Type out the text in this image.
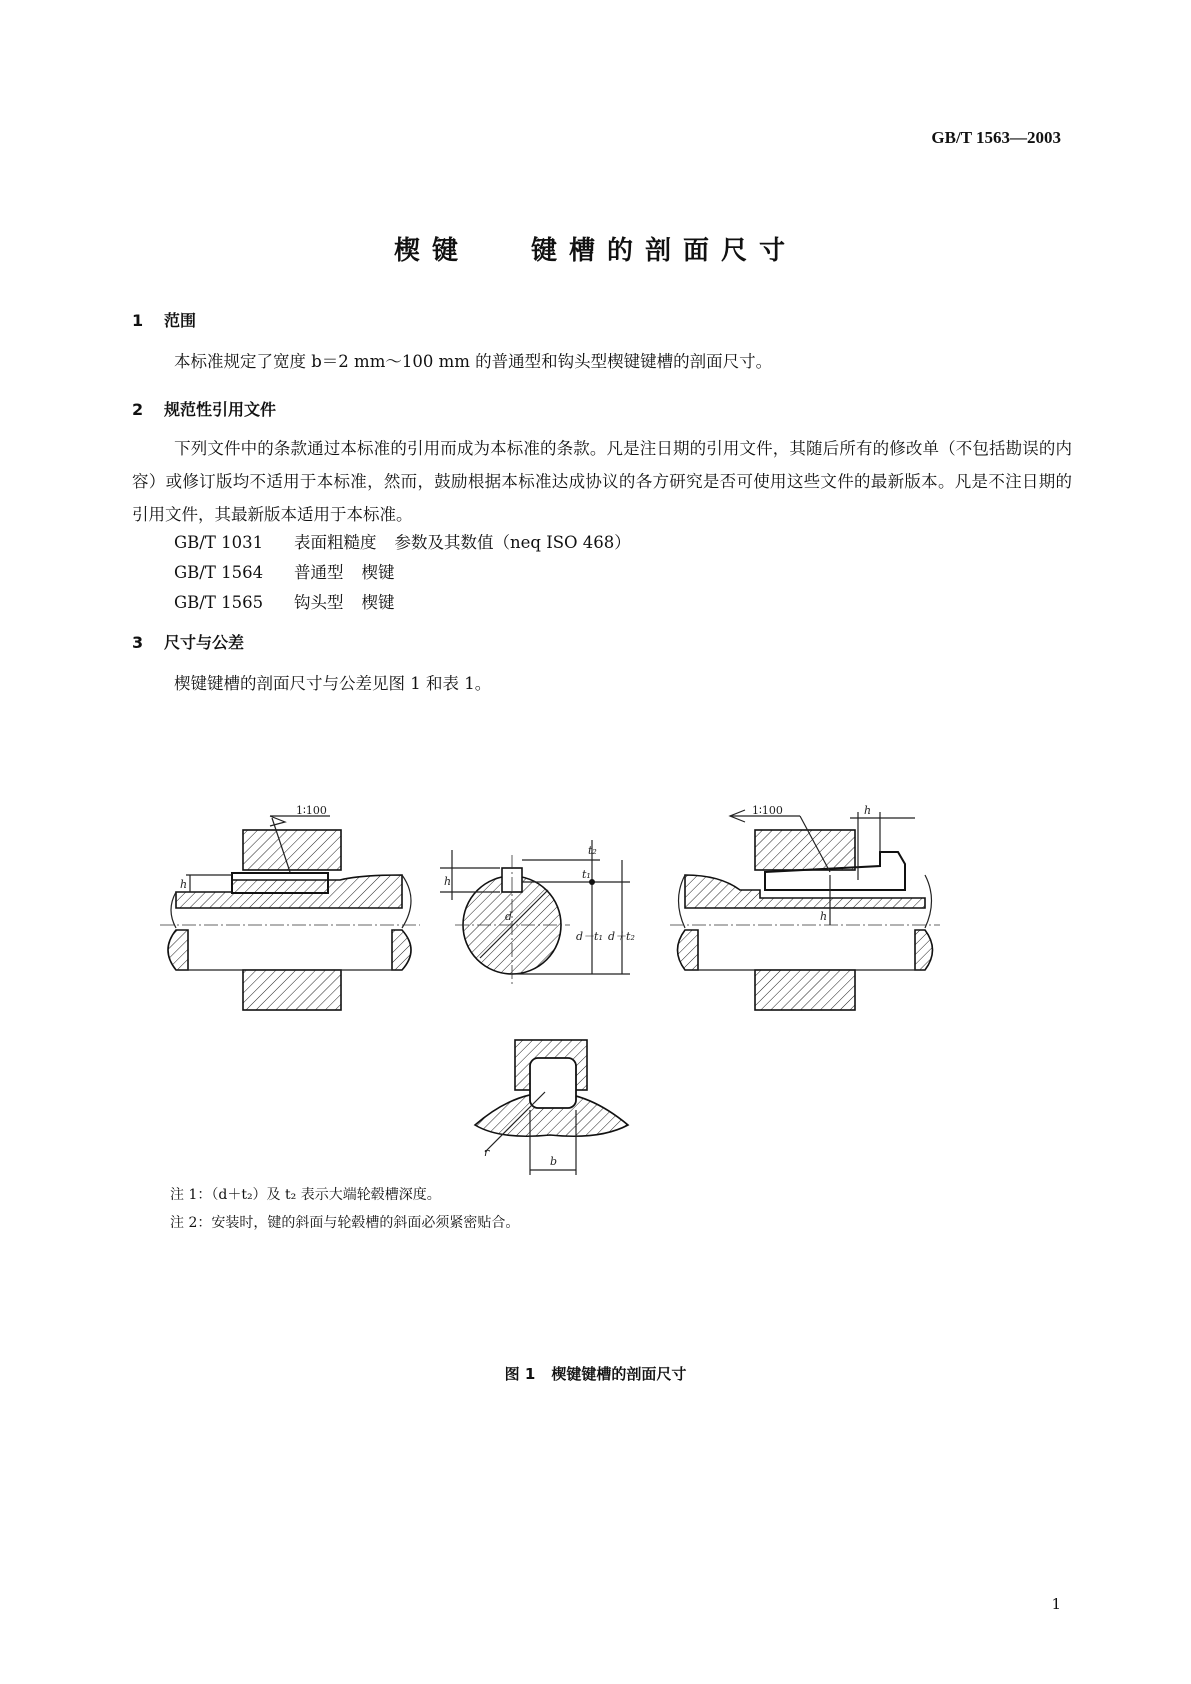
GB/T 1563—2003
楔键 键槽的剖面尺寸
1 范围
本标准规定了宽度 b＝2 mm～100 mm 的普通型和钩头型楔键键槽的剖面尺寸。
2 规范性引用文件
下列文件中的条款通过本标准的引用而成为本标准的条款。凡是注日期的引用文件，其随后所有的修改单（不包括勘误的内容）或修订版均不适用于本标准，然而，鼓励根据本标准达成协议的各方研究是否可使用这些文件的最新版本。凡是不注日期的引用文件，其最新版本适用于本标准。
GB/T 1031 表面粗糙度 参数及其数值（neq ISO 468）
GB/T 1564 普通型 楔键
GB/T 1565 钩头型 楔键
3 尺寸与公差
楔键键槽的剖面尺寸与公差见图 1 和表 1。
1∶100
h
d
h
t₂
t₁
d－t₁ d＋t₂
1∶100	h
h
b
r
注 1：（d＋t₂）及 t₂ 表示大端轮毂槽深度。
注 2：安装时，键的斜面与轮毂槽的斜面必须紧密贴合。
图 1 楔键键槽的剖面尺寸
1
